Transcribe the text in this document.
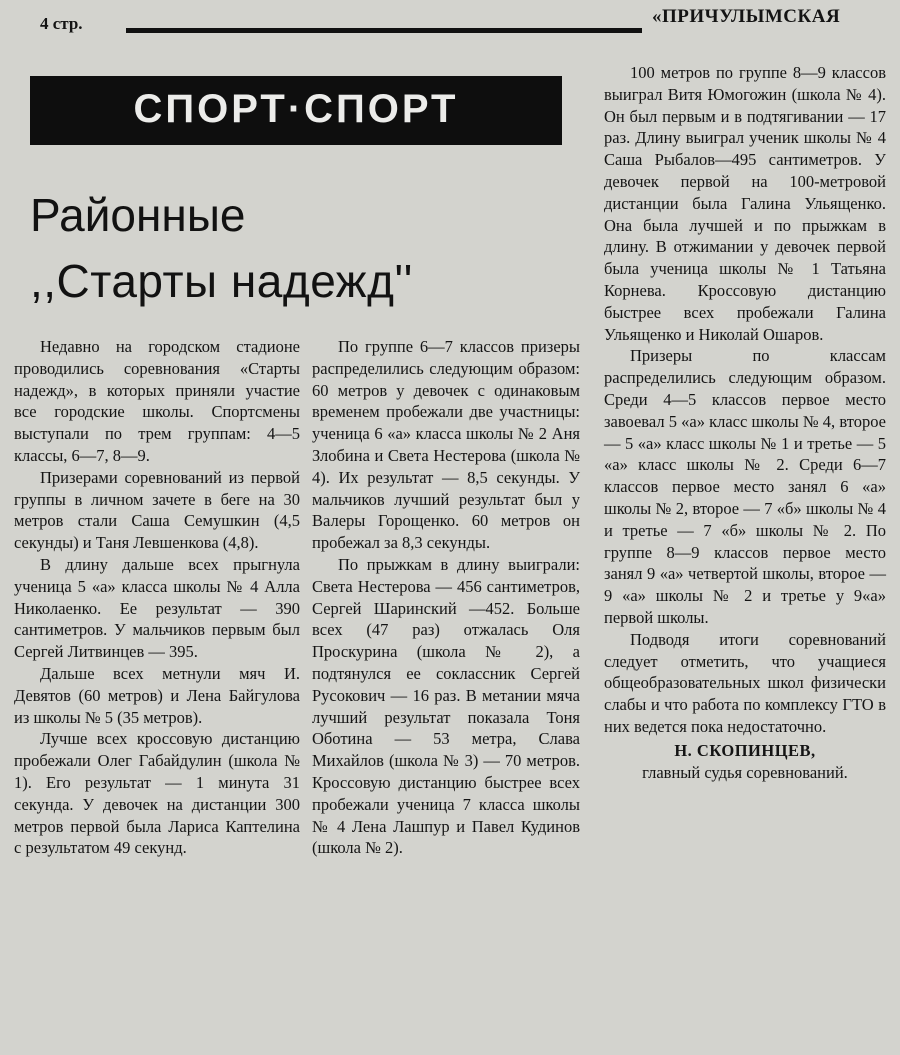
4 стр.	«ПРИЧУЛЫМСКАЯ
СПОРТ·СПОРТ
Районные
,,Старты надежд''

Недавно на городском стадионе проводились соревнования «Старты надежд», в которых приняли участие все городские школы. Спортсмены выступали по трем группам: 4—5 классы, 6—7, 8—9.

Призерами соревнований из первой группы в личном зачете в беге на 30 метров стали Саша Семушкин (4,5 секунды) и Таня Левшенкова (4,8).

В длину дальше всех прыгнула ученица 5 «а» класса школы № 4 Алла Николаенко. Ее результат — 390 сантиметров. У мальчиков первым был Сергей Литвинцев — 395.

Дальше всех метнули мяч И. Девятов (60 метров) и Лена Байгулова из школы № 5 (35 метров).

Лучше всех кроссовую дистанцию пробежали Олег Габайдулин (школа № 1). Его результат — 1 минута 31 секунда. У девочек на дистанции 300 метров первой была Лариса Каптелина с результатом 49 секунд.

По группе 6—7 классов призеры распределились следующим образом: 60 метров у девочек с одинаковым временем пробежали две участницы: ученица 6 «а» класса школы № 2 Аня Злобина и Света Нестерова (школа № 4). Их результат — 8,5 секунды. У мальчиков лучший результат был у Валеры Горощенко. 60 метров он пробежал за 8,3 секунды.

По прыжкам в длину выиграли: Света Нестерова — 456 сантиметров, Сергей Шаринский —452. Больше всех (47 раз) отжалась Оля Проскурина (школа № 2), а подтянулся ее соклассник Сергей Русокович — 16 раз. В метании мяча лучший результат показала Тоня Оботина — 53 метра, Слава Михайлов (школа № 3) — 70 метров. Кроссовую дистанцию быстрее всех пробежали ученица 7 класса школы № 4 Лена Лашпур и Павел Кудинов (школа № 2).

100 метров по группе 8—9 классов выиграл Витя Юмогожин (школа № 4). Он был первым и в подтягивании — 17 раз. Длину выиграл ученик школы № 4 Саша Рыбалов—495 сантиметров. У девочек первой на 100-метровой дистанции была Галина Ульященко. Она была лучшей и по прыжкам в длину. В отжимании у девочек первой была ученица школы № 1 Татьяна Корнева. Кроссовую дистанцию быстрее всех пробежали Галина Ульященко и Николай Ошаров.

Призеры по классам распределились следующим образом. Среди 4—5 классов первое место завоевал 5 «а» класс школы № 4, второе — 5 «а» класс школы № 1 и третье — 5 «а» класс школы № 2. Среди 6—7 классов первое место занял 6 «а» школы № 2, второе — 7 «б» школы № 4 и третье — 7 «б» школы № 2. По группе 8—9 классов первое место занял 9 «а» четвертой школы, второе — 9 «а» школы № 2 и третье у 9«а» первой школы.

Подводя итоги соревнований следует отметить, что учащиеся общеобразовательных школ физически слабы и что работа по комплексу ГТО в них ведется пока недостаточно.

Н. СКОПИНЦЕВ,
главный судья соревнований.
